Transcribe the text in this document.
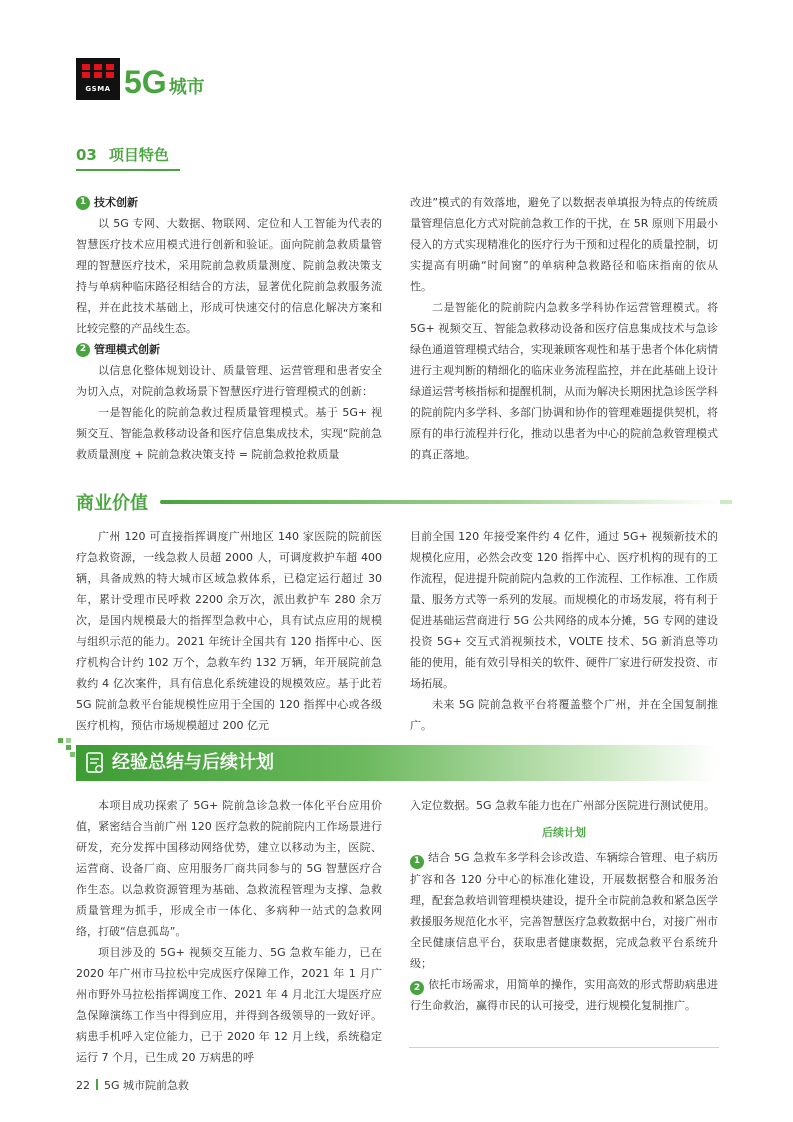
GSMA 5G 城市
03 项目特色

1 技术创新

以 5G 专网、大数据、物联网、定位和人工智能为代表的智慧医疗技术应用模式进行创新和验证。面向院前急救质量管理的智慧医疗技术，采用院前急救质量测度、院前急救决策支持与单病种临床路径相结合的方法，显著优化院前急救服务流程，并在此技术基础上，形成可快速交付的信息化解决方案和比较完整的产品线生态。

2 管理模式创新

以信息化整体规划设计、质量管理、运营管理和患者安全为切入点，对院前急救场景下智慧医疗进行管理模式的创新：

一是智能化的院前急救过程质量管理模式。基于 5G+ 视频交互、智能急救移动设备和医疗信息集成技术，实现“院前急救质量测度 + 院前急救决策支持 = 院前急救抢救质量

改进”模式的有效落地，避免了以数据表单填报为特点的传统质量管理信息化方式对院前急救工作的干扰，在 5R 原则下用最小侵入的方式实现精准化的医疗行为干预和过程化的质量控制，切实提高有明确“时间窗”的单病种急救路径和临床指南的依从性。

二是智能化的院前院内急救多学科协作运营管理模式。将 5G+ 视频交互、智能急救移动设备和医疗信息集成技术与急诊绿色通道管理模式结合，实现兼顾客观性和基于患者个体化病情进行主观判断的精细化的临床业务流程监控，并在此基础上设计绿道运营考核指标和提醒机制，从而为解决长期困扰急诊医学科的院前院内多学科、多部门协调和协作的管理难题提供契机，将原有的串行流程并行化，推动以患者为中心的院前急救管理模式的真正落地。

商业价值

广州 120 可直接指挥调度广州地区 140 家医院的院前医疗急救资源，一线急救人员超 2000 人，可调度救护车超 400 辆，具备成熟的特大城市区域急救体系，已稳定运行超过 30 年，累计受理市民呼救 2200 余万次，派出救护车 280 余万次，是国内规模最大的指挥型急救中心，具有试点应用的规模与组织示范的能力。2021 年统计全国共有 120 指挥中心、医疗机构合计约 102 万个，急救车约 132 万辆，年开展院前急救约 4 亿次案件，具有信息化系统建设的规模效应。基于此若 5G 院前急救平台能规模性应用于全国的 120 指挥中心或各级医疗机构，预估市场规模超过 200 亿元

目前全国 120 年接受案件约 4 亿件，通过 5G+ 视频新技术的规模化应用，必然会改变 120 指挥中心、医疗机构的现有的工作流程，促进提升院前院内急救的工作流程、工作标准、工作质量、服务方式等一系列的发展。而规模化的市场发展，将有利于促进基础运营商进行 5G 公共网络的成本分摊，5G 专网的建设投资 5G+ 交互式消视频技术，VOLTE 技术、5G 新消息等功能的使用，能有效引导相关的软件、硬件厂家进行研发投资、市场拓展。

未来 5G 院前急救平台将覆盖整个广州，并在全国复制推广。

经验总结与后续计划

本项目成功探索了 5G+ 院前急诊急救一体化平台应用价值，紧密结合当前广州 120 医疗急救的院前院内工作场景进行研发，充分发挥中国移动网络优势，建立以移动为主，医院、运营商、设备厂商、应用服务厂商共同参与的 5G 智慧医疗合作生态。以急救资源管理为基础、急救流程管理为支撑、急救质量管理为抓手，形成全市一体化、多病种一站式的急救网络，打破“信息孤岛”。

项目涉及的 5G+ 视频交互能力、5G 急救车能力，已在 2020 年广州市马拉松中完成医疗保障工作，2021 年 1 月广州市野外马拉松指挥调度工作、2021 年 4 月北江大堤医疗应急保障演练工作当中得到应用，并得到各级领导的一致好评。病患手机呼入定位能力，已于 2020 年 12 月上线，系统稳定运行 7 个月，已生成 20 万病患的呼

入定位数据。5G 急救车能力也在广州部分医院进行测试使用。

后续计划

1 结合 5G 急救车多学科会诊改造、车辆综合管理、电子病历扩容和各 120 分中心的标准化建设，开展数据整合和服务治理，配套急救培训管理模块建设，提升全市院前急救和紧急医学救援服务规范化水平，完善智慧医疗急救数据中台，对接广州市全民健康信息平台，获取患者健康数据，完成急救平台系统升级；

2 依托市场需求，用简单的操作，实用高效的形式帮助病患进行生命救治，赢得市民的认可接受，进行规模化复制推广。

22 5G 城市院前急救
